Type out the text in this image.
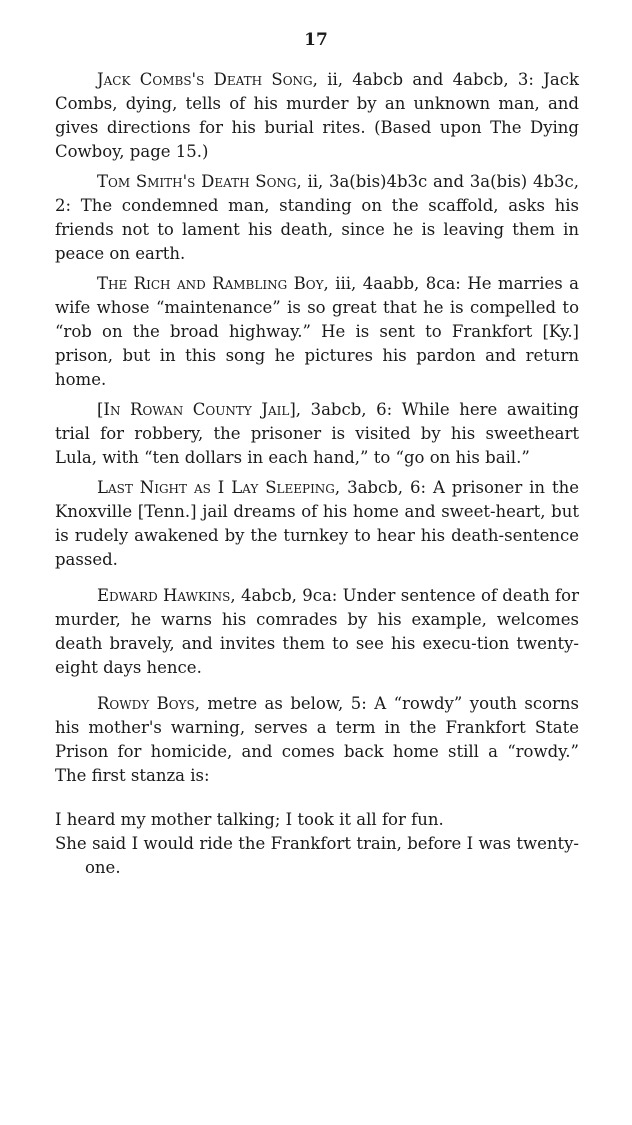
17

Jack Combs's Death Song, ii, 4abcb and 4abcb, 3: Jack Combs, dying, tells of his murder by an unknown man, and gives directions for his burial rites. (Based upon The Dying Cowboy, page 15.)

Tom Smith's Death Song, ii, 3a(bis)4b3c and 3a(bis) 4b3c, 2: The condemned man, standing on the scaffold, asks his friends not to lament his death, since he is leaving them in peace on earth.

The Rich and Rambling Boy, iii, 4aabb, 8ca: He marries a wife whose “maintenance” is so great that he is compelled to “rob on the broad highway.” He is sent to Frankfort [Ky.] prison, but in this song he pictures his pardon and return home.

[In Rowan County Jail], 3abcb, 6: While here awaiting trial for robbery, the prisoner is visited by his sweetheart Lula, with “ten dollars in each hand,” to “go on his bail.”

Last Night as I Lay Sleeping, 3abcb, 6: A prisoner in the Knoxville [Tenn.] jail dreams of his home and sweet-heart, but is rudely awakened by the turnkey to hear his death-sentence passed.

Edward Hawkins, 4abcb, 9ca: Under sentence of death for murder, he warns his comrades by his example, welcomes death bravely, and invites them to see his execu-tion twenty-eight days hence.

Rowdy Boys, metre as below, 5: A “rowdy” youth scorns his mother's warning, serves a term in the Frankfort State Prison for homicide, and comes back home still a “rowdy.” The first stanza is:

I heard my mother talking; I took it all for fun.

She said I would ride the Frankfort train, before I was twenty-one.
